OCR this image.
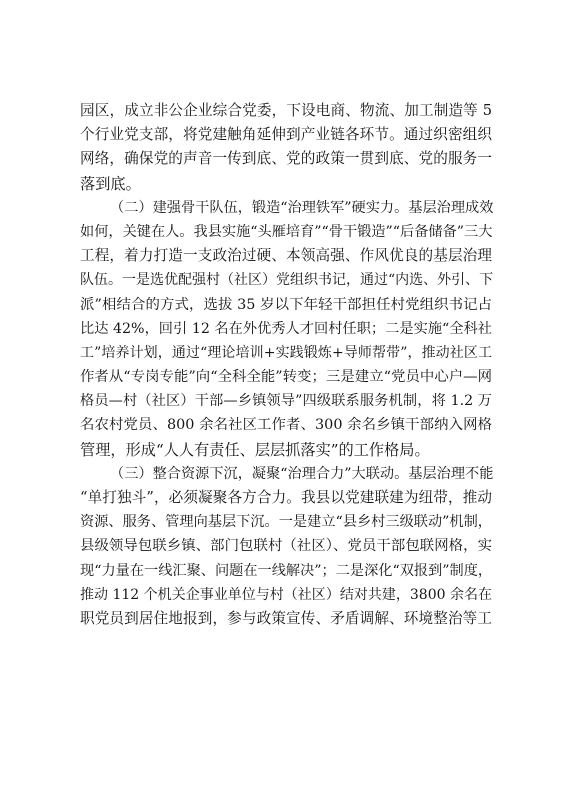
园区，成立非公企业综合党委，下设电商、物流、加工制造等 5
个行业党支部，将党建触角延伸到产业链各环节。通过织密组织
网络，确保党的声音一传到底、党的政策一贯到底、党的服务一
落到底。
（二）建强骨干队伍，锻造“治理铁军”硬实力。基层治理成效
如何，关键在人。我县实施“头雁培育”“骨干锻造”“后备储备”三大
工程，着力打造一支政治过硬、本领高强、作风优良的基层治理
队伍。一是选优配强村（社区）党组织书记，通过“内选、外引、下
派”相结合的方式，选拔 35 岁以下年轻干部担任村党组织书记占
比达 42%，回引 12 名在外优秀人才回村任职；二是实施“全科社
工”培养计划，通过“理论培训+实践锻炼+导师帮带”，推动社区工
作者从“专岗专能”向“全科全能”转变；三是建立“党员中心户—网
格员—村（社区）干部—乡镇领导”四级联系服务机制，将 1.2 万
名农村党员、800 余名社区工作者、300 余名乡镇干部纳入网格
管理，形成“人人有责任、层层抓落实”的工作格局。
（三）整合资源下沉，凝聚“治理合力”大联动。基层治理不能
“单打独斗”，必须凝聚各方合力。我县以党建联建为纽带，推动
资源、服务、管理向基层下沉。一是建立“县乡村三级联动”机制，
县级领导包联乡镇、部门包联村（社区）、党员干部包联网格，实
现“力量在一线汇聚、问题在一线解决”；二是深化“双报到”制度，
推动 112 个机关企事业单位与村（社区）结对共建，3800 余名在
职党员到居住地报到，参与政策宣传、矛盾调解、环境整治等工
